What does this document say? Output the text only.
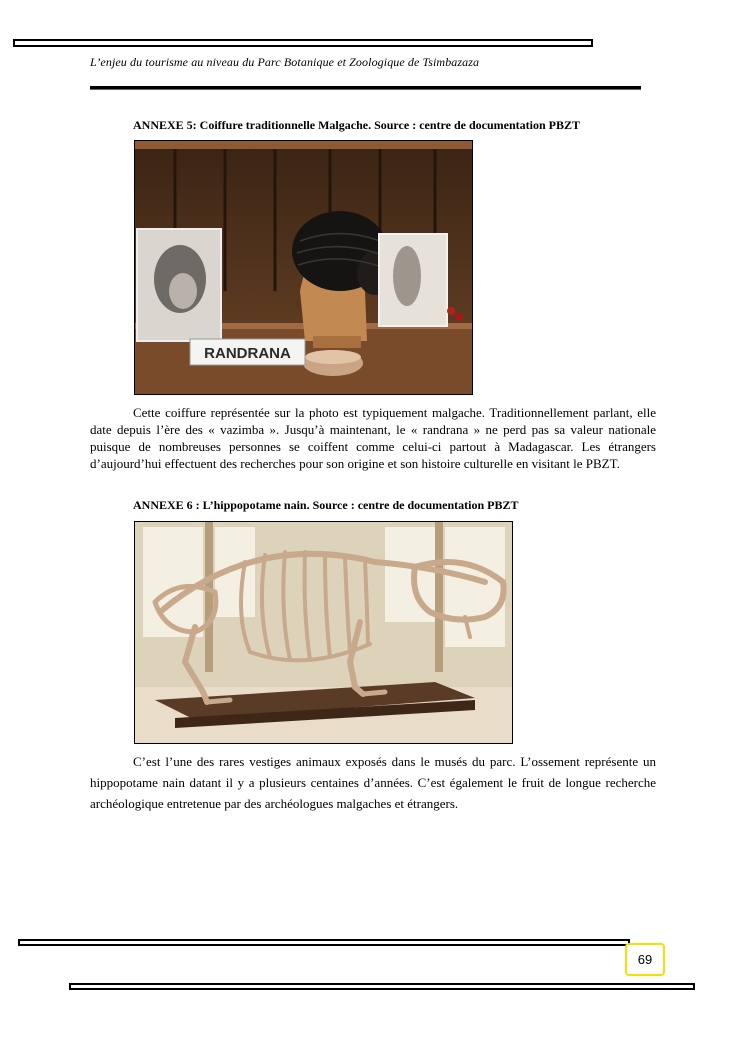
L’enjeu du tourisme au niveau du Parc Botanique et Zoologique de Tsimbazaza
ANNEXE 5: Coiffure traditionnelle Malgache. Source : centre de documentation PBZT
RANDRANA
Cette coiffure représentée sur la photo est typiquement malgache. Traditionnellement parlant, elle date depuis l’ère des « vazimba ». Jusqu’à maintenant, le « randrana » ne perd pas sa valeur nationale puisque de nombreuses personnes se coiffent comme celui-ci partout à Madagascar. Les étrangers d’aujourd’hui effectuent des recherches pour son origine et son histoire culturelle en visitant le PBZT.
ANNEXE 6 : L’hippopotame nain. Source : centre de documentation PBZT
C’est l’une des rares vestiges animaux exposés dans le musés du parc. L’ossement représente un hippopotame nain datant il y a plusieurs centaines d’années. C’est également le fruit de longue recherche archéologique entretenue par des archéologues malgaches et étrangers.
69
